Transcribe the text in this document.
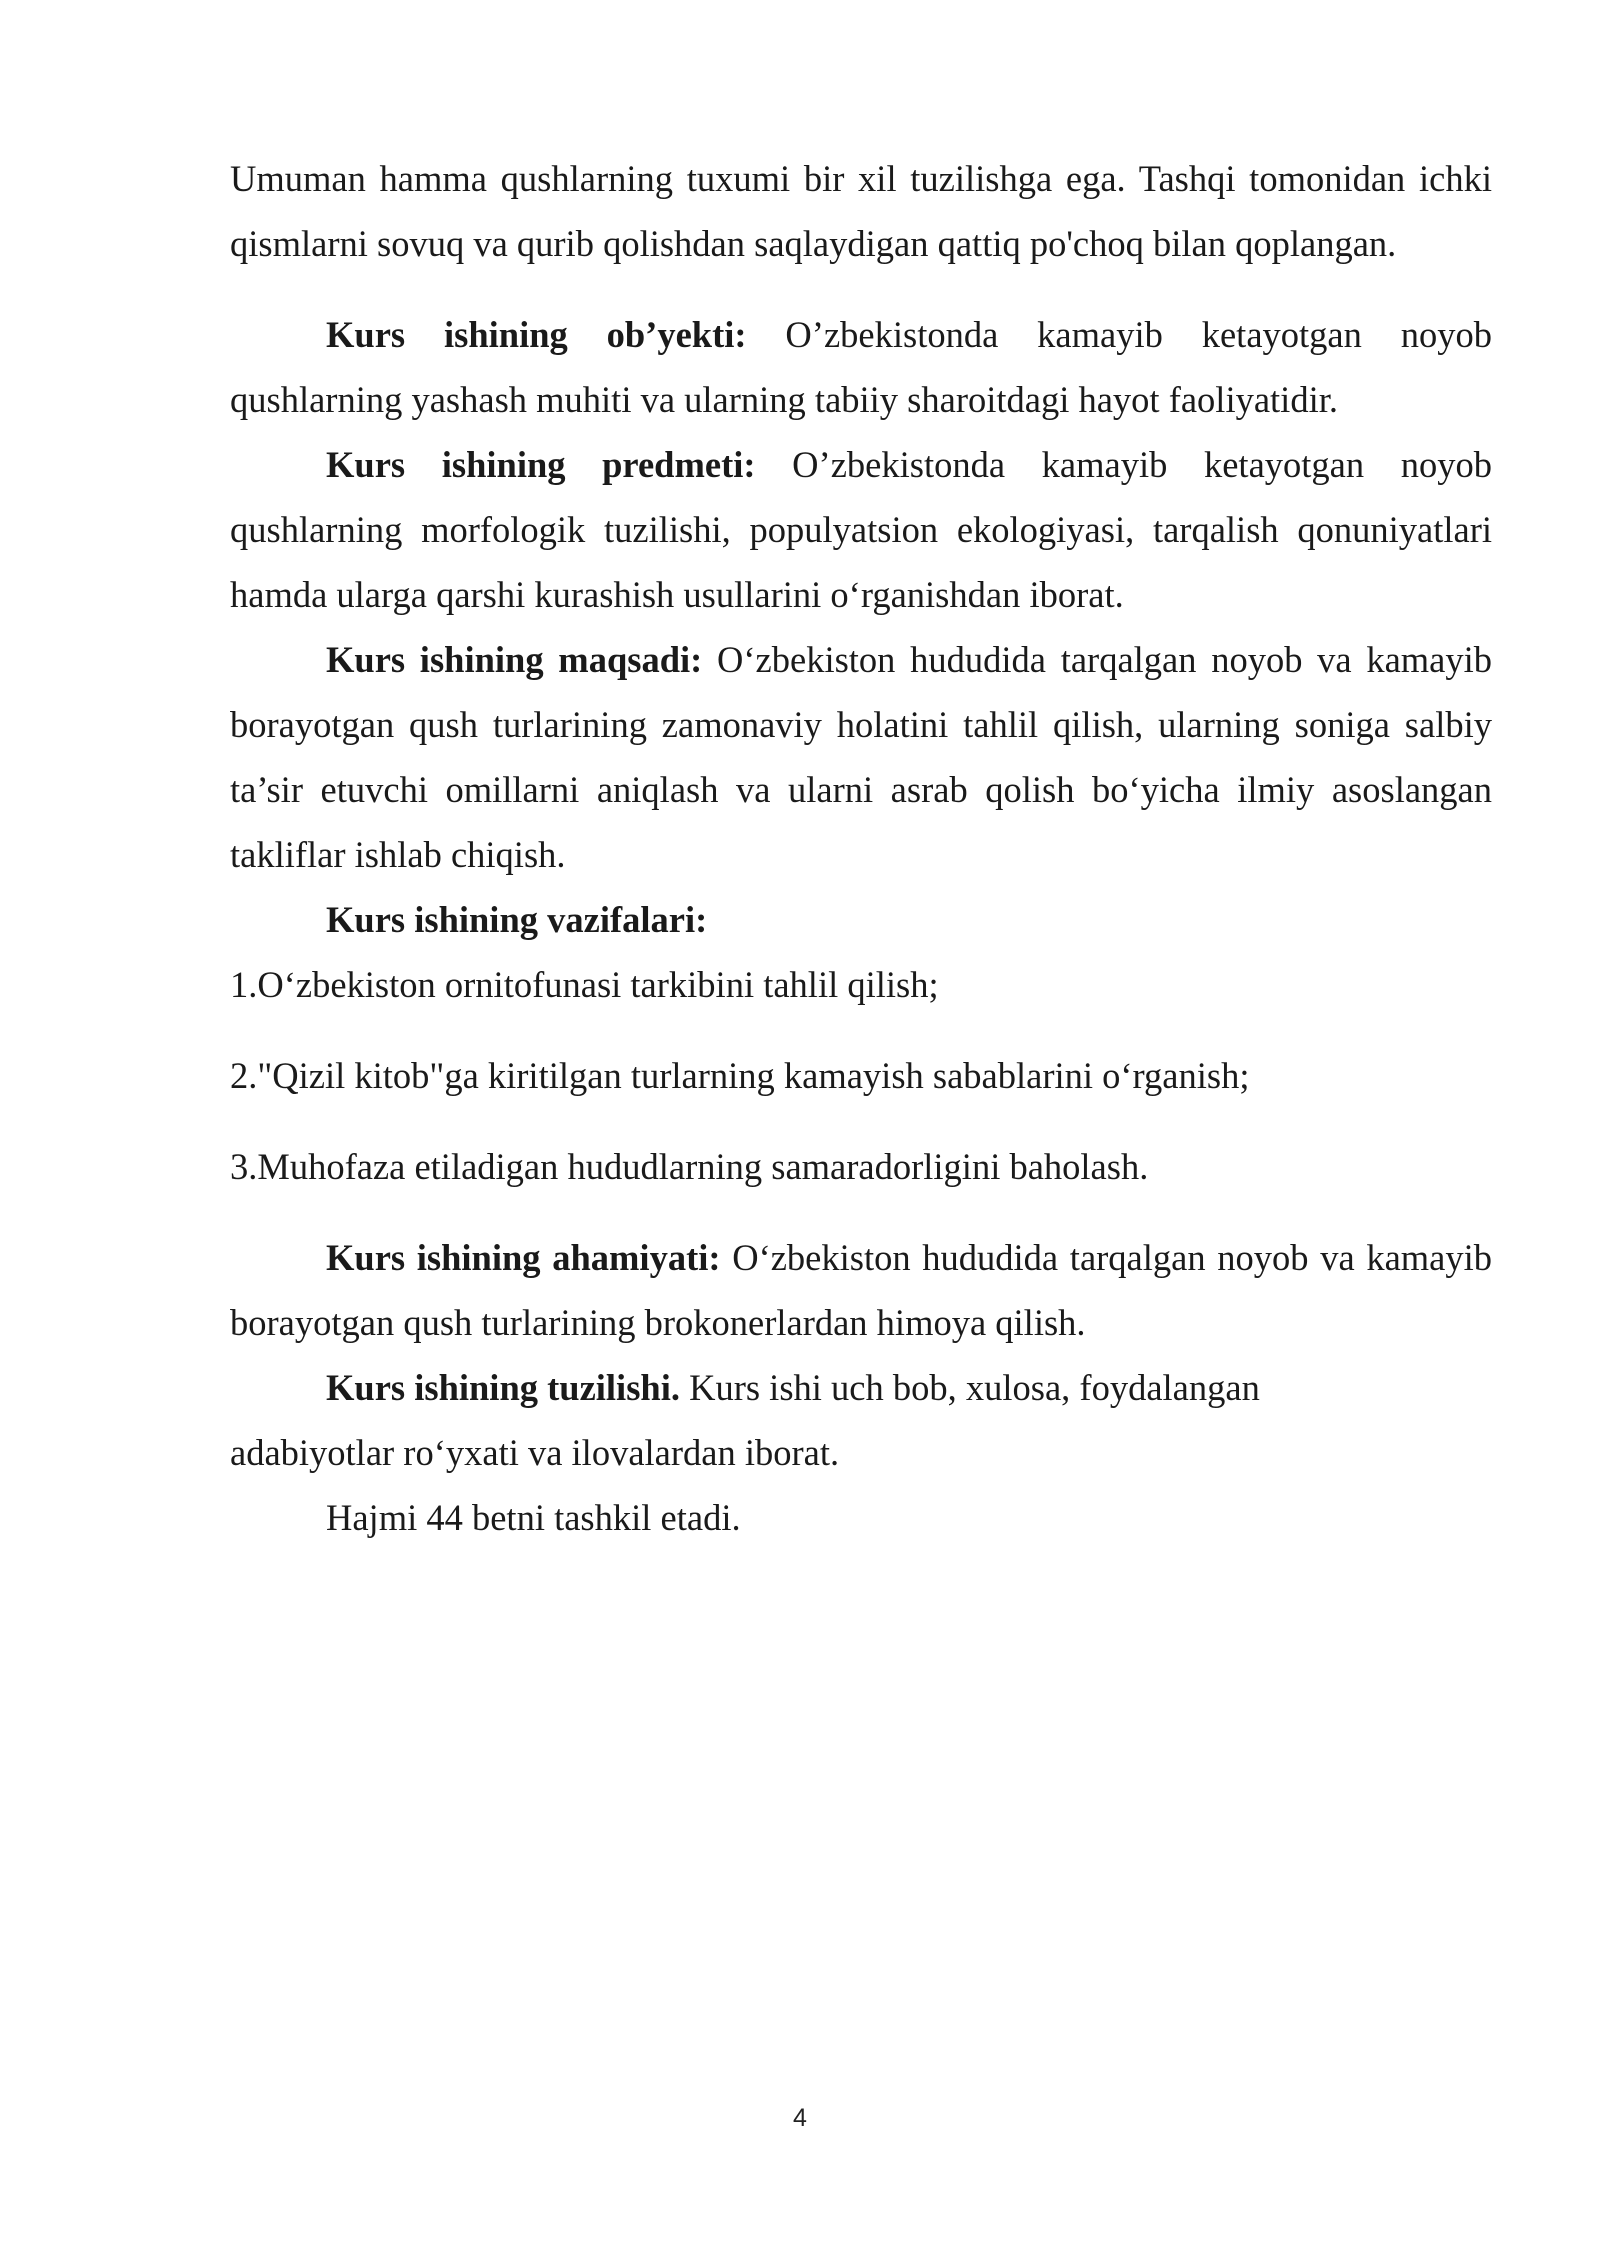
Umuman hamma qushlarning tuxumi bir xil tuzilishga ega. Tashqi tomonidan ichki qismlarni sovuq va qurib qolishdan saqlaydigan qattiq po'choq bilan qoplangan.

Kurs ishining ob’yekti: O’zbekistonda kamayib ketayotgan noyob qushlarning yashash muhiti va ularning tabiiy sharoitdagi hayot faoliyatidir.

Kurs ishining predmeti: O’zbekistonda kamayib ketayotgan noyob qushlarning morfologik tuzilishi, populyatsion ekologiyasi, tarqalish qonuniyatlari hamda ularga qarshi kurashish usullarini o‘rganishdan iborat.

Kurs ishining maqsadi: O‘zbekiston hududida tarqalgan noyob va kamayib borayotgan qush turlarining zamonaviy holatini tahlil qilish, ularning soniga salbiy ta’sir etuvchi omillarni aniqlash va ularni asrab qolish bo‘yicha ilmiy asoslangan takliflar ishlab chiqish.

Kurs ishining vazifalari:

1.O‘zbekiston ornitofunasi tarkibini tahlil qilish;

2."Qizil kitob"ga kiritilgan turlarning kamayish sabablarini o‘rganish;

3.Muhofaza etiladigan hududlarning samaradorligini baholash.

Kurs ishining ahamiyati: O‘zbekiston hududida tarqalgan noyob va kamayib borayotgan qush turlarining brokonerlardan himoya qilish.

Kurs ishining tuzilishi. Kurs ishi uch bob, xulosa, foydalangan adabiyotlar ro‘yxati va ilovalardan iborat.

Hajmi 44 betni tashkil etadi.

4
